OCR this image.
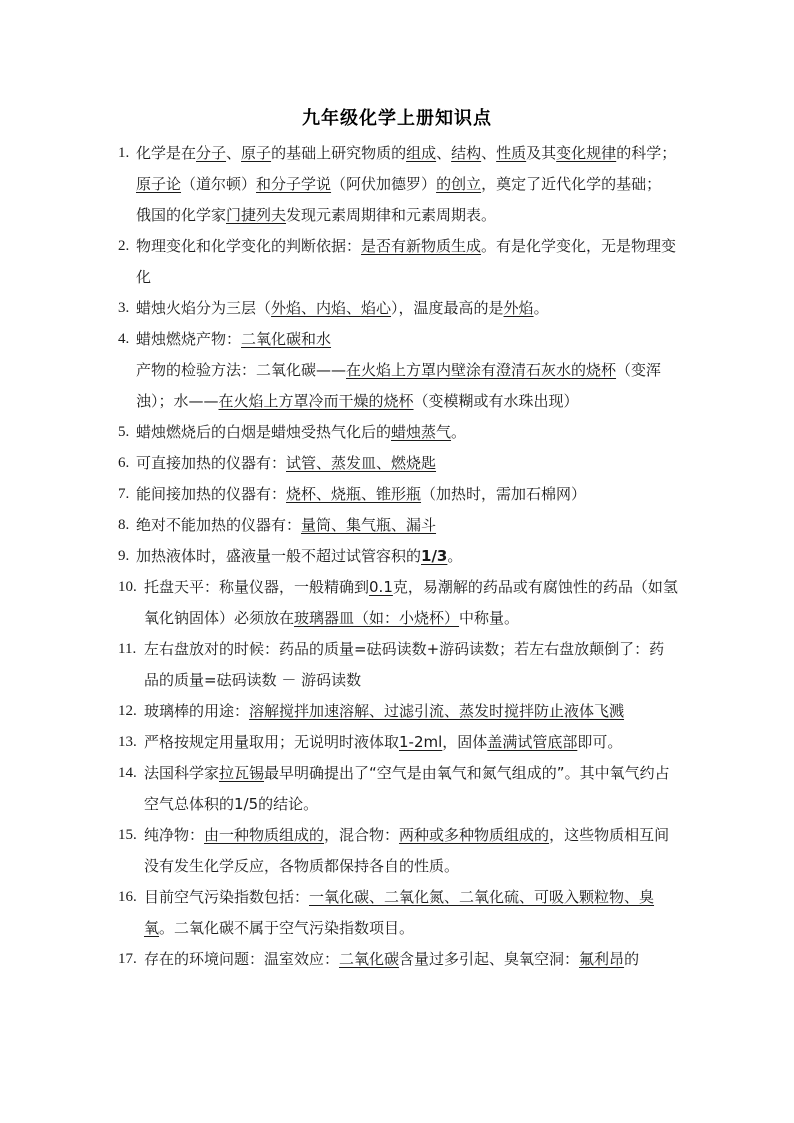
九年级化学上册知识点
1. 化学是在分子、原子的基础上研究物质的组成、结构、性质及其变化规律的科学；
原子论（道尔顿）和分子学说（阿伏加德罗）的创立，奠定了近代化学的基础；
俄国的化学家门捷列夫发现元素周期律和元素周期表。
2. 物理变化和化学变化的判断依据：是否有新物质生成。有是化学变化，无是物理变化
3. 蜡烛火焰分为三层（外焰、内焰、焰心），温度最高的是外焰。
4. 蜡烛燃烧产物：二氧化碳和水
产物的检验方法：二氧化碳——在火焰上方罩内壁涂有澄清石灰水的烧杯（变浑浊）；水——在火焰上方罩冷而干燥的烧杯（变模糊或有水珠出现）
5. 蜡烛燃烧后的白烟是蜡烛受热气化后的蜡烛蒸气。
6. 可直接加热的仪器有：试管、蒸发皿、燃烧匙
7. 能间接加热的仪器有：烧杯、烧瓶、锥形瓶（加热时，需加石棉网）
8. 绝对不能加热的仪器有：量筒、集气瓶、漏斗
9. 加热液体时，盛液量一般不超过试管容积的1/3。
10. 托盘天平：称量仪器，一般精确到0.1克，易潮解的药品或有腐蚀性的药品（如氢氧化钠固体）必须放在玻璃器皿（如：小烧杯）中称量。
11. 左右盘放对的时候：药品的质量=砝码读数+游码读数；若左右盘放颠倒了：药品的质量=砝码读数 － 游码读数
12. 玻璃棒的用途：溶解搅拌加速溶解、过滤引流、蒸发时搅拌防止液体飞溅
13. 严格按规定用量取用；无说明时液体取1-2ml，固体盖满试管底部即可。
14. 法国科学家拉瓦锡最早明确提出了“空气是由氧气和氮气组成的”。其中氧气约占空气总体积的1/5的结论。
15. 纯净物：由一种物质组成的，混合物：两种或多种物质组成的，这些物质相互间没有发生化学反应，各物质都保持各自的性质。
16. 目前空气污染指数包括：一氧化碳、二氧化氮、二氧化硫、可吸入颗粒物、臭氧。二氧化碳不属于空气污染指数项目。
17. 存在的环境问题：温室效应：二氧化碳含量过多引起、臭氧空洞：氟利昂的
